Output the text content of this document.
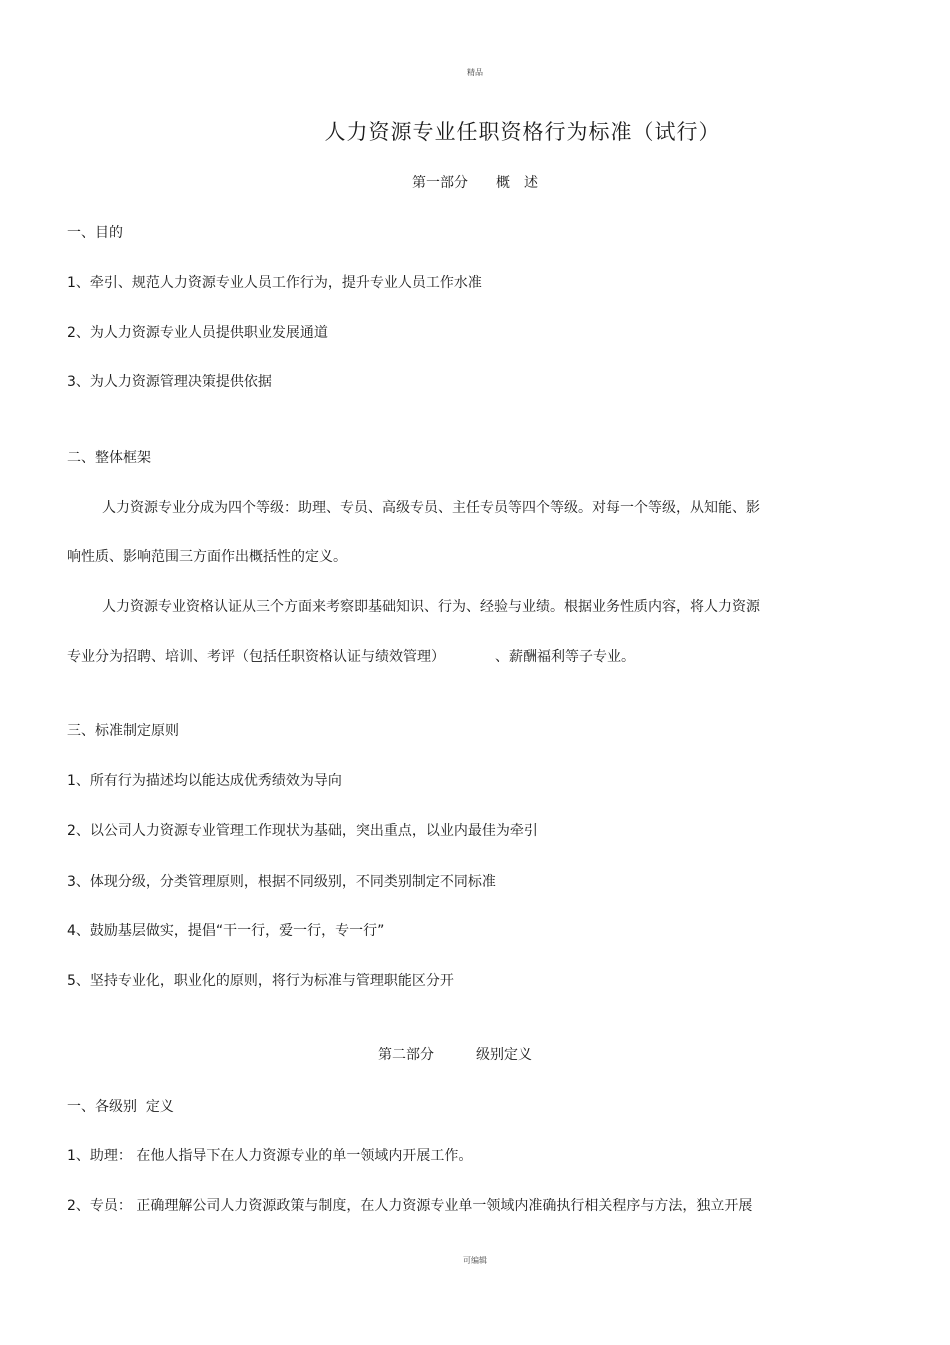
精品
人力资源专业任职资格行为标准（试行）
第一部分 概　述
一、目的
1、牵引、规范人力资源专业人员工作行为，提升专业人员工作水准
2、为人力资源专业人员提供职业发展通道
3、为人力资源管理决策提供依据
二、整体框架
人力资源专业分成为四个等级：助理、专员、高级专员、主任专员等四个等级。对每一个等级，从知能、影
响性质、影响范围三方面作出概括性的定义。
人力资源专业资格认证从三个方面来考察即基础知识、行为、经验与业绩。根据业务性质内容，将人力资源
专业分为招聘、培训、考评（包括任职资格认证与绩效管理）	、薪酬福利等子专业。
三、标准制定原则
1、所有行为描述均以能达成优秀绩效为导向
2、以公司人力资源专业管理工作现状为基础，突出重点，以业内最佳为牵引
3、体现分级，分类管理原则，根据不同级别，不同类别制定不同标准
4、鼓励基层做实，提倡“干一行，爱一行，专一行”
5、坚持专业化，职业化的原则，将行为标准与管理职能区分开
第二部分	级别定义
一、各级别  定义
1、助理： 在他人指导下在人力资源专业的单一领域内开展工作。
2、专员： 正确理解公司人力资源政策与制度，在人力资源专业单一领域内准确执行相关程序与方法，独立开展
可编辑
